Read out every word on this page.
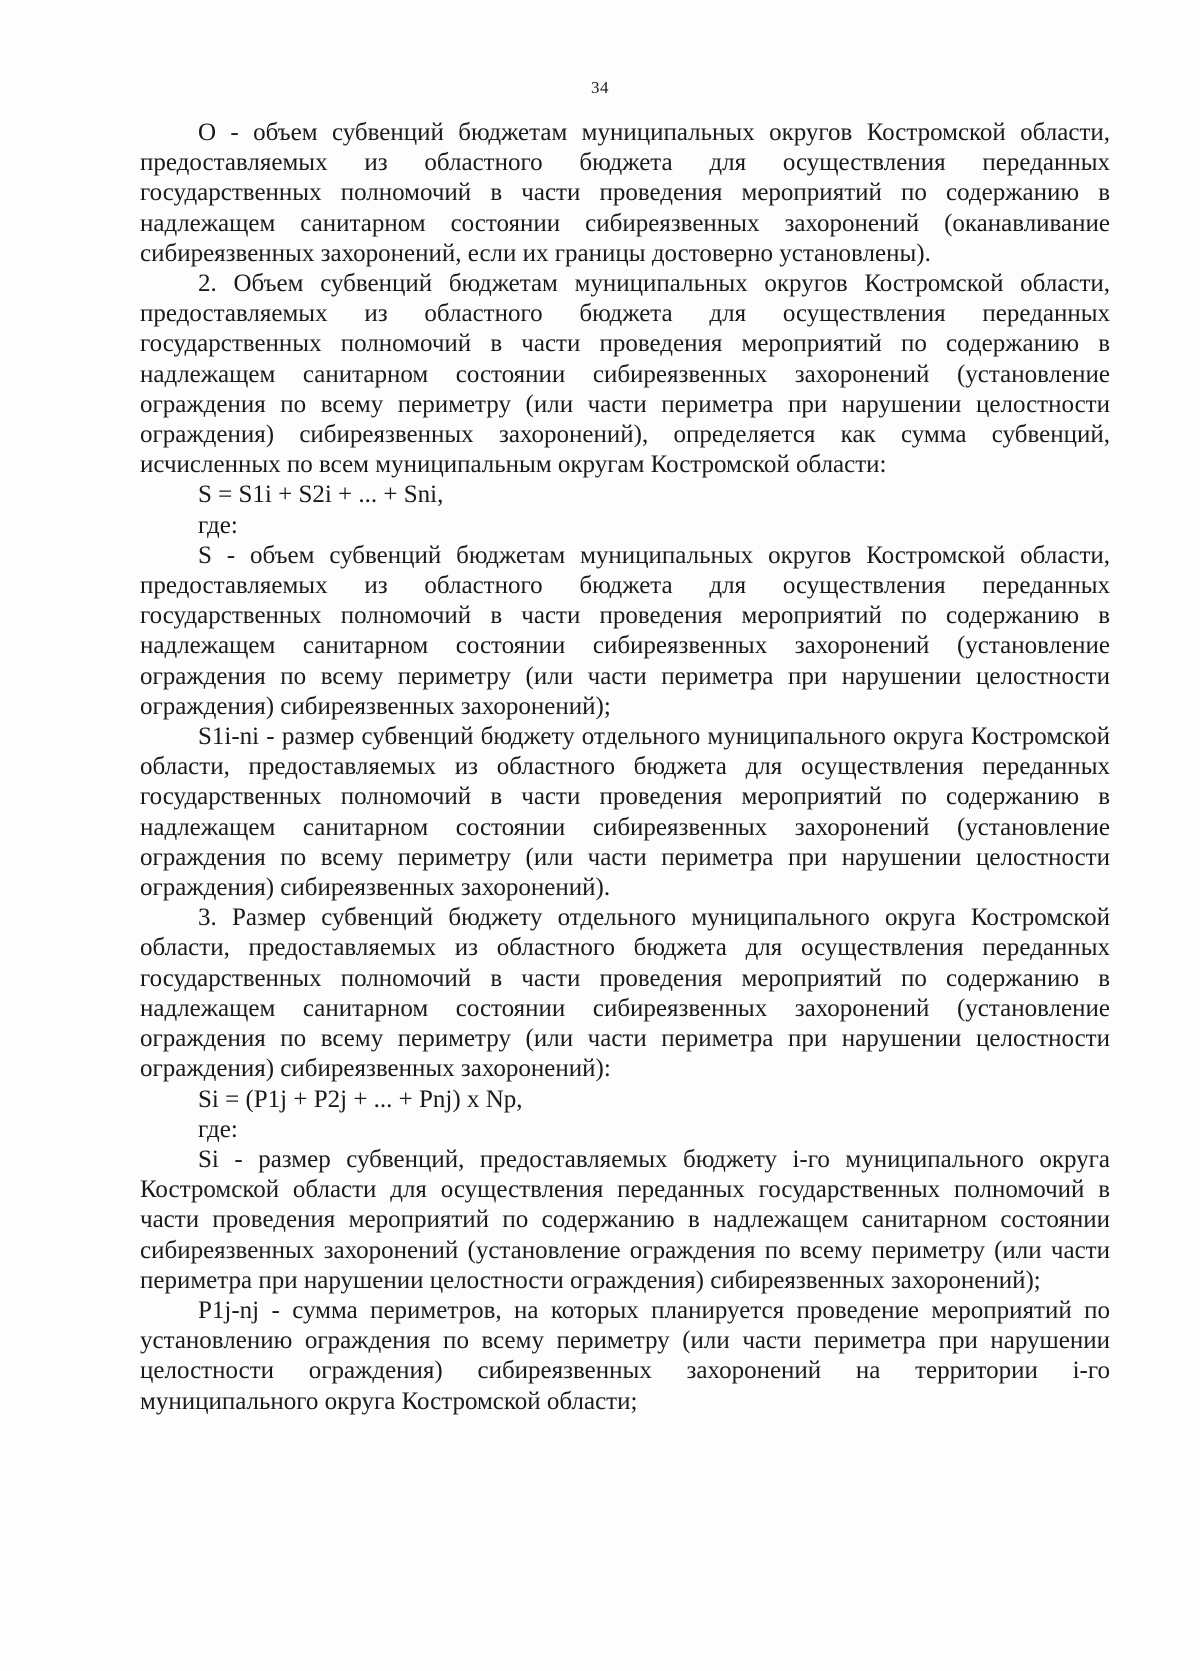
34

О - объем субвенций бюджетам муниципальных округов Костромской области, предоставляемых из областного бюджета для осуществления переданных государственных полномочий в части проведения мероприятий по содержанию в надлежащем санитарном состоянии сибиреязвенных захоронений (оканавливание сибиреязвенных захоронений, если их границы достоверно установлены).

2. Объем субвенций бюджетам муниципальных округов Костромской области, предоставляемых из областного бюджета для осуществления переданных государственных полномочий в части проведения мероприятий по содержанию в надлежащем санитарном состоянии сибиреязвенных захоронений (установление ограждения по всему периметру (или части периметра при нарушении целостности ограждения) сибиреязвенных захоронений), определяется как сумма субвенций, исчисленных по всем муниципальным округам Костромской области:

S = S1i + S2i + ... + Sni,

где:

S - объем субвенций бюджетам муниципальных округов Костромской области, предоставляемых из областного бюджета для осуществления переданных государственных полномочий в части проведения мероприятий по содержанию в надлежащем санитарном состоянии сибиреязвенных захоронений (установление ограждения по всему периметру (или части периметра при нарушении целостности ограждения) сибиреязвенных захоронений);

S1i-ni - размер субвенций бюджету отдельного муниципального округа Костромской области, предоставляемых из областного бюджета для осуществления переданных государственных полномочий в части проведения мероприятий по содержанию в надлежащем санитарном состоянии сибиреязвенных захоронений (установление ограждения по всему периметру (или части периметра при нарушении целостности ограждения) сибиреязвенных захоронений).

3. Размер субвенций бюджету отдельного муниципального округа Костромской области, предоставляемых из областного бюджета для осуществления переданных государственных полномочий в части проведения мероприятий по содержанию в надлежащем санитарном состоянии сибиреязвенных захоронений (установление ограждения по всему периметру (или части периметра при нарушении целостности ограждения) сибиреязвенных захоронений):

Si = (P1j + P2j + ... + Pnj) x Np,

где:

Si - размер субвенций, предоставляемых бюджету i-го муниципального округа Костромской области для осуществления переданных государственных полномочий в части проведения мероприятий по содержанию в надлежащем санитарном состоянии сибиреязвенных захоронений (установление ограждения по всему периметру (или части периметра при нарушении целостности ограждения) сибиреязвенных захоронений);

P1j-nj - сумма периметров, на которых планируется проведение мероприятий по установлению ограждения по всему периметру (или части периметра при нарушении целостности ограждения) сибиреязвенных захоронений на территории i-го муниципального округа Костромской области;
